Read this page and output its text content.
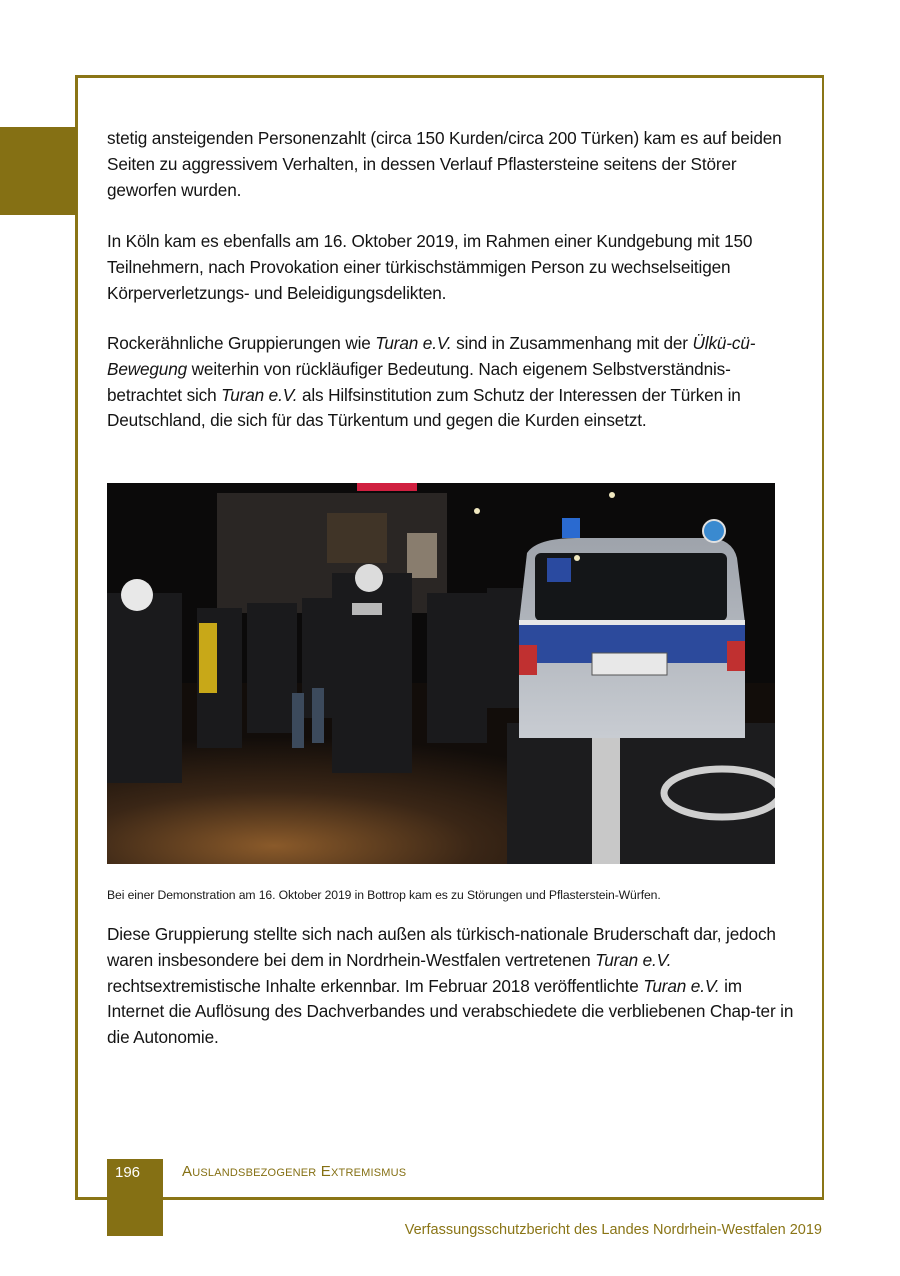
stetig ansteigenden Personenzahlt (circa 150 Kurden/circa 200 Türken) kam es auf beiden Seiten zu aggressivem Verhalten, in dessen Verlauf Pflastersteine seitens der Störer geworfen wurden.

In Köln kam es ebenfalls am 16. Oktober 2019, im Rahmen einer Kundgebung mit 150 Teilnehmern, nach Provokation einer türkischstämmigen Person zu wechselseitigen Körperverletzungs- und Beleidigungsdelikten.

Rockerähnliche Gruppierungen wie Turan e.V. sind in Zusammenhang mit der Ülkü-cü-Bewegung weiterhin von rückläufiger Bedeutung. Nach eigenem Selbstverständnis-betrachtet sich Turan e.V. als Hilfsinstitution zum Schutz der Interessen der Türken in Deutschland, die sich für das Türkentum und gegen die Kurden einsetzt.

Bei einer Demonstration am 16. Oktober 2019 in Bottrop kam es zu Störungen und Pflasterstein-Würfen.

Diese Gruppierung stellte sich nach außen als türkisch-nationale Bruderschaft dar, jedoch waren insbesondere bei dem in Nordrhein-Westfalen vertretenen Turan e.V. rechtsextremistische Inhalte erkennbar. Im Februar 2018 veröffentlichte Turan e.V. im Internet die Auflösung des Dachverbandes und verabschiedete die verbliebenen Chap-ter in die Autonomie.

196	Auslandsbezogener Extremismus
Verfassungsschutzbericht des Landes Nordrhein-Westfalen 2019
